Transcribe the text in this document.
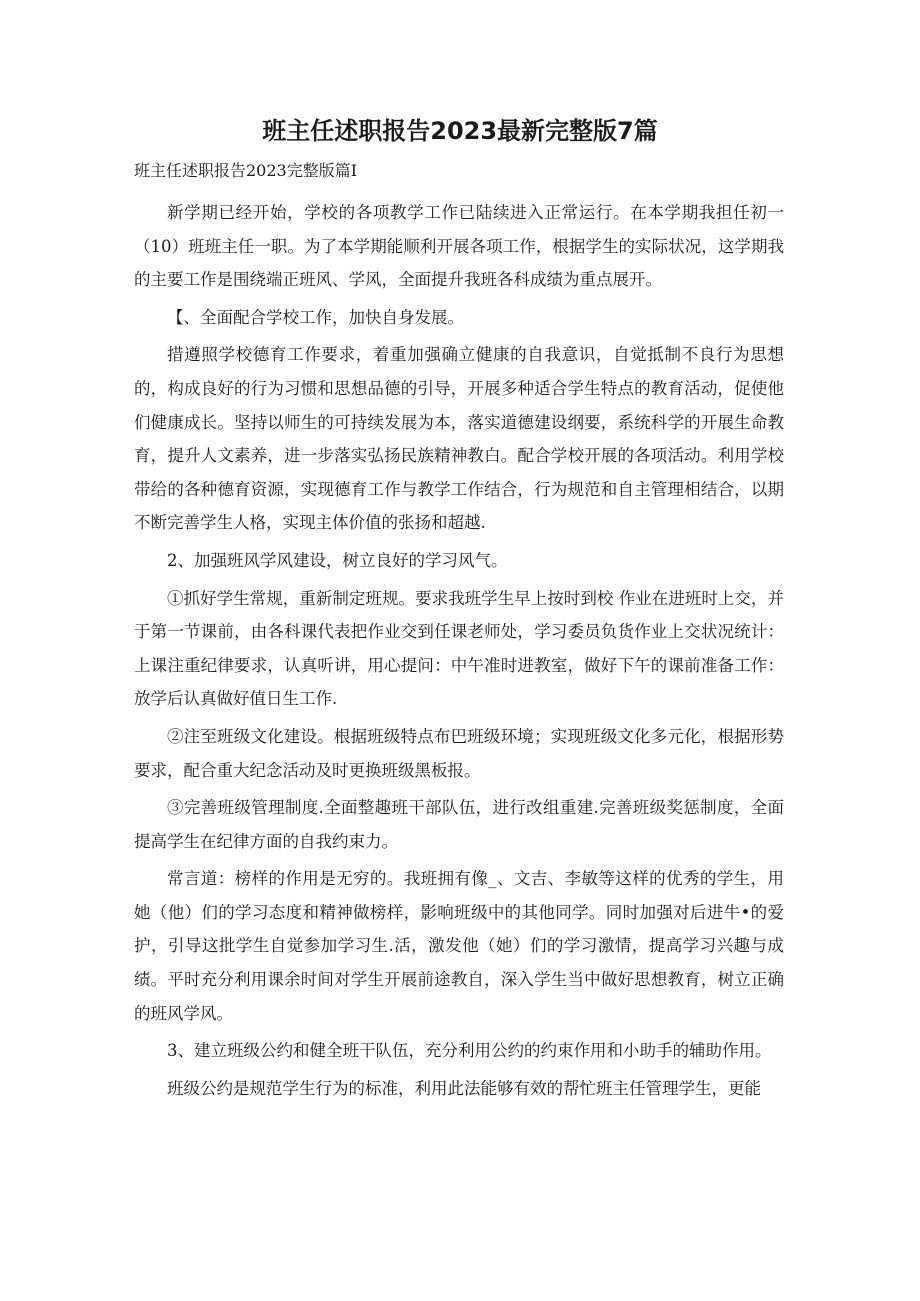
班主任述职报告2023最新完整版7篇
班主任述职报告2023完整版篇I

新学期已经开始，学校的各项教学工作已陆续进入正常运行。在本学期我担任初一（10）班班主任一职。为了本学期能顺利开展各项工作，根据学生的实际状况，这学期我的主要工作是围绕端正班风、学风，全面提升我班各科成绩为重点展开。

【、全面配合学校工作，加快自身发展。

措遵照学校德育工作要求，着重加强确立健康的自我意识，自觉抵制不良行为思想的，构成良好的行为习惯和思想品德的引导，开展多种适合学生特点的教育活动，促使他们健康成长。坚持以师生的可持续发展为本，落实道德建设纲要，系统科学的开展生命教育，提升人文素养，进一步落实弘扬民族精神教白。配合学校开展的各项活动。利用学校带给的各种德育资源，实现德育工作与教学工作结合，行为规范和自主管理相结合，以期不断完善学生人格，实现主体价值的张扬和超越.

2、加强班风学风建设，树立良好的学习风气。

①抓好学生常规，重新制定班规。要求我班学生早上按时到校 作业在进班时上交，并于第一节课前，由各科课代表把作业交到任课老师处，学习委员负货作业上交状况统计：上课注重纪律要求，认真听讲，用心提问：中午准时进教室，做好下午的课前准备工作：放学后认真做好值日生工作.

②注至班级文化建设。根据班级特点布巴班级环境；实现班级文化多元化，根据形势要求，配合重大纪念活动及时更换班级黑板报。

③完善班级管理制度.全面整趣班干部队伍，进行改组重建.完善班级奖惩制度，全面提高学生在纪律方面的自我约束力。

常言道：榜样的作用是无穷的。我班拥有像_、文吉、李敏等这样的优秀的学生，用她（他）们的学习态度和精神做榜样，影响班级中的其他同学。同时加强对后进牛•的爱护，引导这批学生自觉参加学习生.活，激发他（她）们的学习激情，提高学习兴趣与成绩。平时充分利用课余时间对学生开展前途教自，深入学生当中做好思想教育，树立正确的班风学风。

3、建立班级公约和健全班干队伍，充分利用公约的约束作用和小助手的辅助作用。

班级公约是规范学生行为的标准，利用此法能够有效的帮忙班主任管理学生，更能
